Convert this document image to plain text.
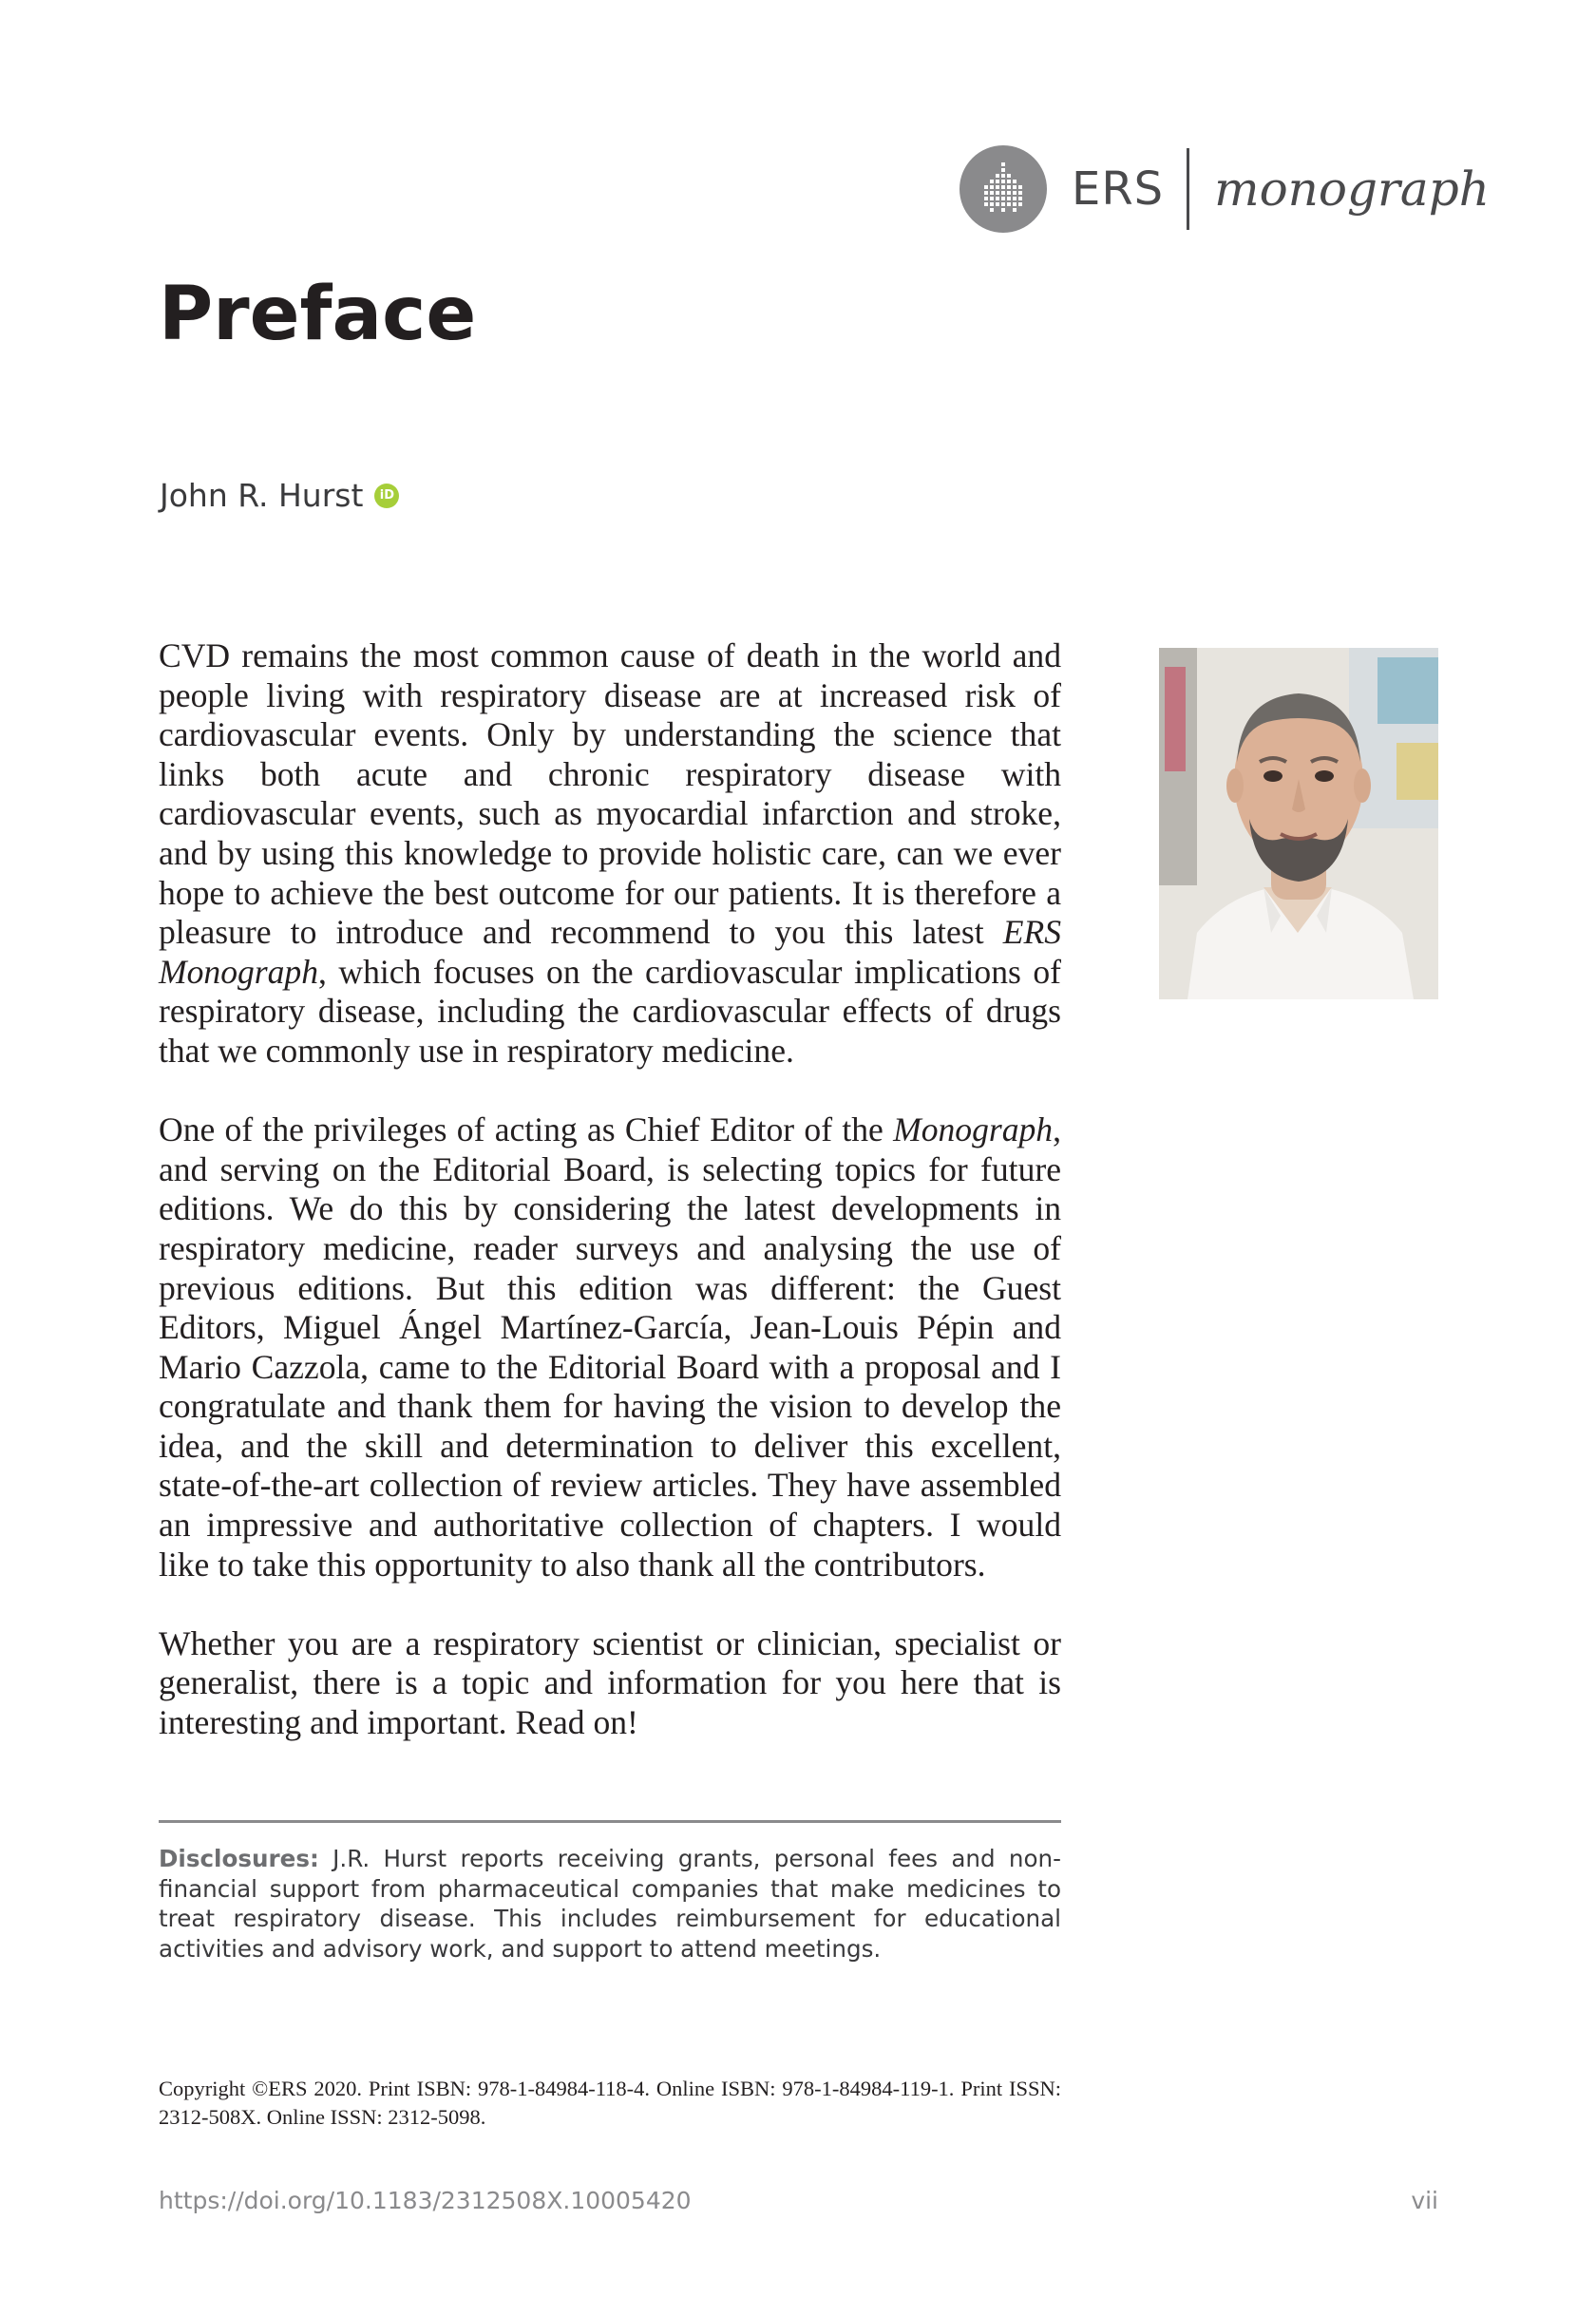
ERS monograph
Preface
John R. Hurst	iD

CVD remains the most common cause of death in the world and people living with respiratory disease are at increased risk of cardiovascular events. Only by understanding the science that links both acute and chronic respiratory disease with cardiovascular events, such as myocardial infarction and stroke, and by using this knowledge to provide holistic care, can we ever hope to achieve the best outcome for our patients. It is therefore a pleasure to introduce and recommend to you this latest ERS Monograph, which focuses on the cardiovascular implications of respiratory disease, including the cardiovascular effects of drugs that we commonly use in respiratory medicine.

One of the privileges of acting as Chief Editor of the Monograph, and serving on the Editorial Board, is selecting topics for future editions. We do this by considering the latest developments in respiratory medicine, reader surveys and analysing the use of previous editions. But this edition was different: the Guest Editors, Miguel Ángel Martínez-García, Jean-Louis Pépin and Mario Cazzola, came to the Editorial Board with a proposal and I congratulate and thank them for having the vision to develop the idea, and the skill and determination to deliver this excellent, state-of-the-art collection of review articles. They have assembled an impressive and authoritative collection of chapters. I would like to take this opportunity to also thank all the contributors.

Whether you are a respiratory scientist or clinician, specialist or generalist, there is a topic and information for you here that is interesting and important. Read on!

Disclosures: J.R. Hurst reports receiving grants, personal fees and non-financial support from pharmaceutical companies that make medicines to treat respiratory disease. This includes reimbursement for educational activities and advisory work, and support to attend meetings.
Copyright ©ERS 2020. Print ISBN: 978-1-84984-118-4. Online ISBN: 978-1-84984-119-1. Print ISSN: 2312-508X. Online ISSN: 2312-5098.
https://doi.org/10.1183/2312508X.10005420	vii
